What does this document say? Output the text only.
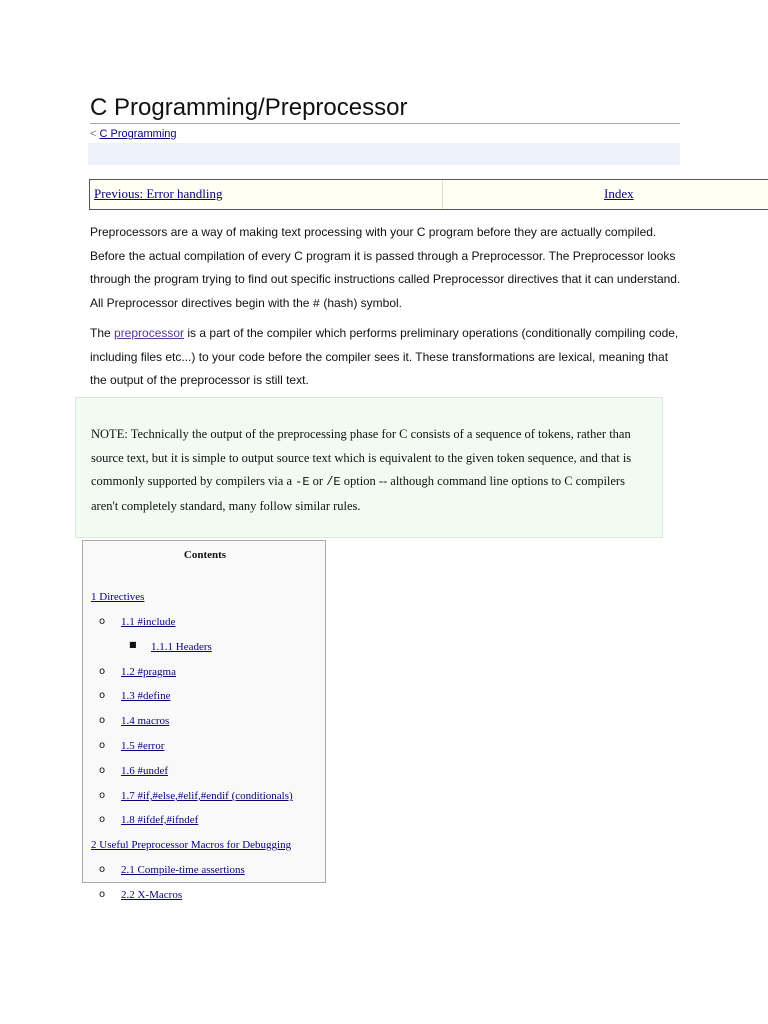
C Programming/Preprocessor
< C Programming
Previous: Error handling	Index

Preprocessors are a way of making text processing with your C program before they are actually compiled.
Before the actual compilation of every C program it is passed through a Preprocessor. The Preprocessor looks
through the program trying to find out specific instructions called Preprocessor directives that it can understand.
All Preprocessor directives begin with the # (hash) symbol.

The preprocessor is a part of the compiler which performs preliminary operations (conditionally compiling code,
including files etc...) to your code before the compiler sees it. These transformations are lexical, meaning that
the output of the preprocessor is still text.

NOTE: Technically the output of the preprocessing phase for C consists of a sequence of tokens, rather than
source text, but it is simple to output source text which is equivalent to the given token sequence, and that is
commonly supported by compilers via a -E or /E option -- although command line options to C compilers
aren't completely standard, many follow similar rules.
Contents
1 Directives
o 1.1 #include
■ 1.1.1 Headers
o 1.2 #pragma
o 1.3 #define
o 1.4 macros
o 1.5 #error
o 1.6 #undef
o 1.7 #if,#else,#elif,#endif (conditionals)
o 1.8 #ifdef,#ifndef
2 Useful Preprocessor Macros for Debugging
o 2.1 Compile-time assertions
o 2.2 X-Macros
